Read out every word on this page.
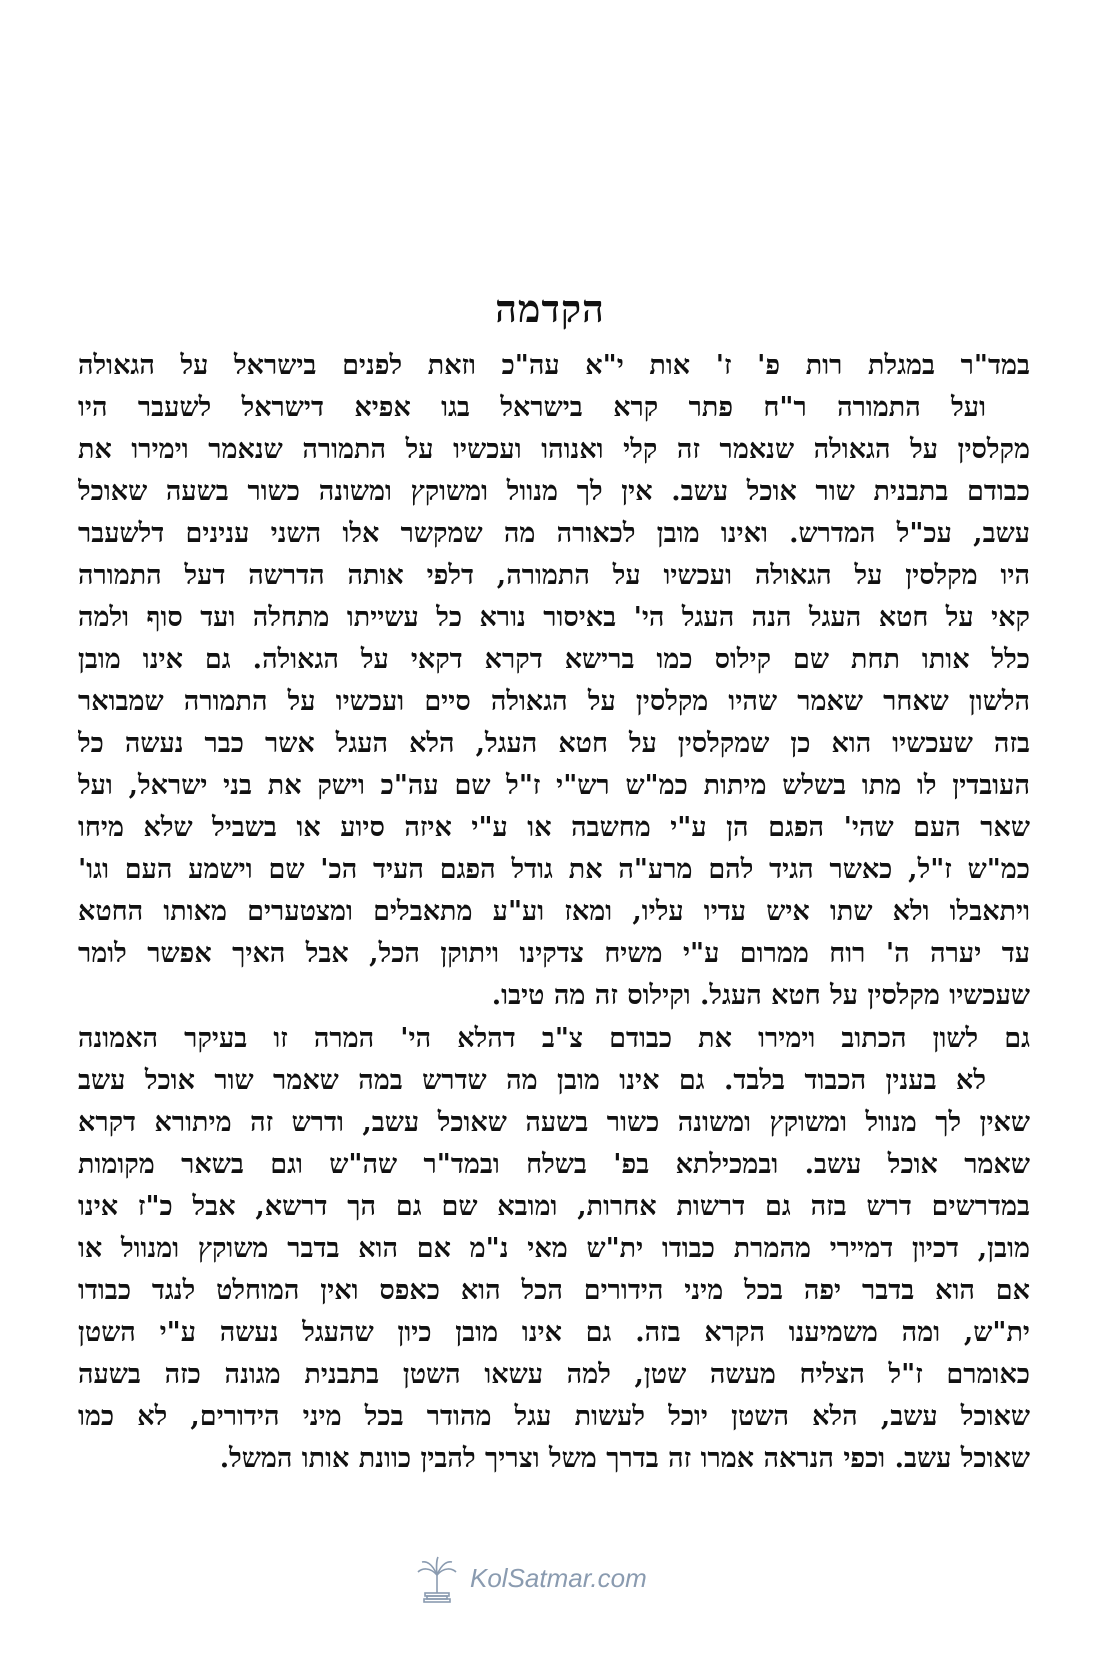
הקדמה
במד"ר במגלת רות פ' ז' אות י"א עה"כ וזאת לפנים בישראל על הגאולה
ועל התמורה ר"ח פתר קרא בישראל בגו אפיא דישראל לשעבר היו
מקלסין על הגאולה שנאמר זה קלי ואנוהו ועכשיו על התמורה שנאמר וימירו את
כבודם בתבנית שור אוכל עשב. אין לך מנוול ומשוקץ ומשונה כשור בשעה שאוכל
עשב, עכ"ל המדרש. ואינו מובן לכאורה מה שמקשר אלו השני ענינים דלשעבר
היו מקלסין על הגאולה ועכשיו על התמורה, דלפי אותה הדרשה דעל התמורה
קאי על חטא העגל הנה העגל הי' באיסור נורא כל עשייתו מתחלה ועד סוף ולמה
כלל אותו תחת שם קילוס כמו ברישא דקרא דקאי על הגאולה. גם אינו מובן
הלשון שאחר שאמר שהיו מקלסין על הגאולה סיים ועכשיו על התמורה שמבואר
בזה שעכשיו הוא כן שמקלסין על חטא העגל, הלא העגל אשר כבר נעשה כל
העובדין לו מתו בשלש מיתות כמ"ש רש"י ז"ל שם עה"כ וישק את בני ישראל, ועל
שאר העם שהי' הפגם הן ע"י מחשבה או ע"י איזה סיוע או בשביל שלא מיחו
כמ"ש ז"ל, כאשר הגיד להם מרע"ה את גודל הפגם העיד הכ' שם וישמע העם וגו'
ויתאבלו ולא שתו איש עדיו עליו, ומאז וע"ע מתאבלים ומצטערים מאותו החטא
עד יערה ה' רוח ממרום ע"י משיח צדקינו ויתוקן הכל, אבל האיך אפשר לומר
שעכשיו מקלסין על חטא העגל. וקילוס זה מה טיבו.
גם לשון הכתוב וימירו את כבודם צ"ב דהלא הי' המרה זו בעיקר האמונה
לא בענין הכבוד בלבד. גם אינו מובן מה שדרש במה שאמר שור אוכל עשב
שאין לך מנוול ומשוקץ ומשונה כשור בשעה שאוכל עשב, ודרש זה מיתורא דקרא
שאמר אוכל עשב. ובמכילתא בפ' בשלח ובמד"ר שה"ש וגם בשאר מקומות
במדרשים דרש בזה גם דרשות אחרות, ומובא שם גם הך דרשא, אבל כ"ז אינו
מובן, דכיון דמיירי מהמרת כבודו ית"ש מאי נ"מ אם הוא בדבר משוקץ ומנוול או
אם הוא בדבר יפה בכל מיני הידורים הכל הוא כאפס ואין המוחלט לנגד כבודו
ית"ש, ומה משמיענו הקרא בזה. גם אינו מובן כיון שהעגל נעשה ע"י השטן
כאומרם ז"ל הצליח מעשה שטן, למה עשאו השטן בתבנית מגונה כזה בשעה
שאוכל עשב, הלא השטן יוכל לעשות עגל מהודר בכל מיני הידורים, לא כמו
שאוכל עשב. וכפי הנראה אמרו זה בדרך משל וצריך להבין כוונת אותו המשל.
KolSatmar.com
